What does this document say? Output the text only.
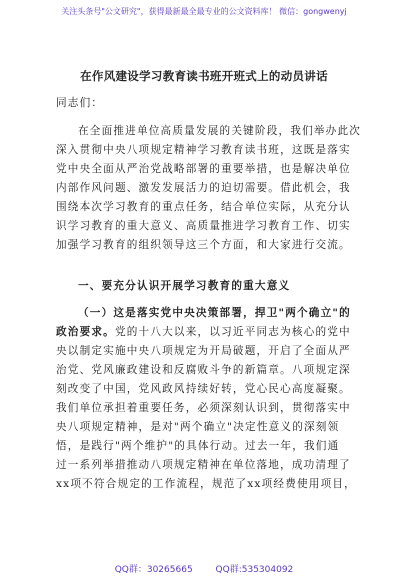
关注头条号"公文研究"，获得最新最全最专业的公文资料库！ 微信：gongwenyj
在作风建设学习教育读书班开班式上的动员讲话
同志们：
在全面推进单位高质量发展的关键阶段，我们举办此次
深入贯彻中央八项规定精神学习教育读书班，这既是落实
党中央全面从严治党战略部署的重要举措，也是解决单位
内部作风问题、激发发展活力的迫切需要。借此机会，我
围绕本次学习教育的重点任务，结合单位实际，从充分认
识学习教育的重大意义、高质量推进学习教育工作、切实
加强学习教育的组织领导这三个方面，和大家进行交流。
一、要充分认识开展学习教育的重大意义
（一）这是落实党中央决策部署，捍卫"两个确立"的
政治要求。党的十八大以来，以习近平同志为核心的党中
央以制定实施中央八项规定为开局破题，开启了全面从严
治党、党风廉政建设和反腐败斗争的新篇章。八项规定深
刻改变了中国，党风政风持续好转，党心民心高度凝聚。
我们单位承担着重要任务，必须深刻认识到，贯彻落实中
央八项规定精神，是对"两个确立"决定性意义的深刻领
悟，是践行"两个维护"的具体行动。过去一年，我们通
过一系列举措推动八项规定精神在单位落地，成功清理了
xx项不符合规定的工作流程，规范了xx项经费使用项目，
QQ群：30265665	QQ群:535304092
